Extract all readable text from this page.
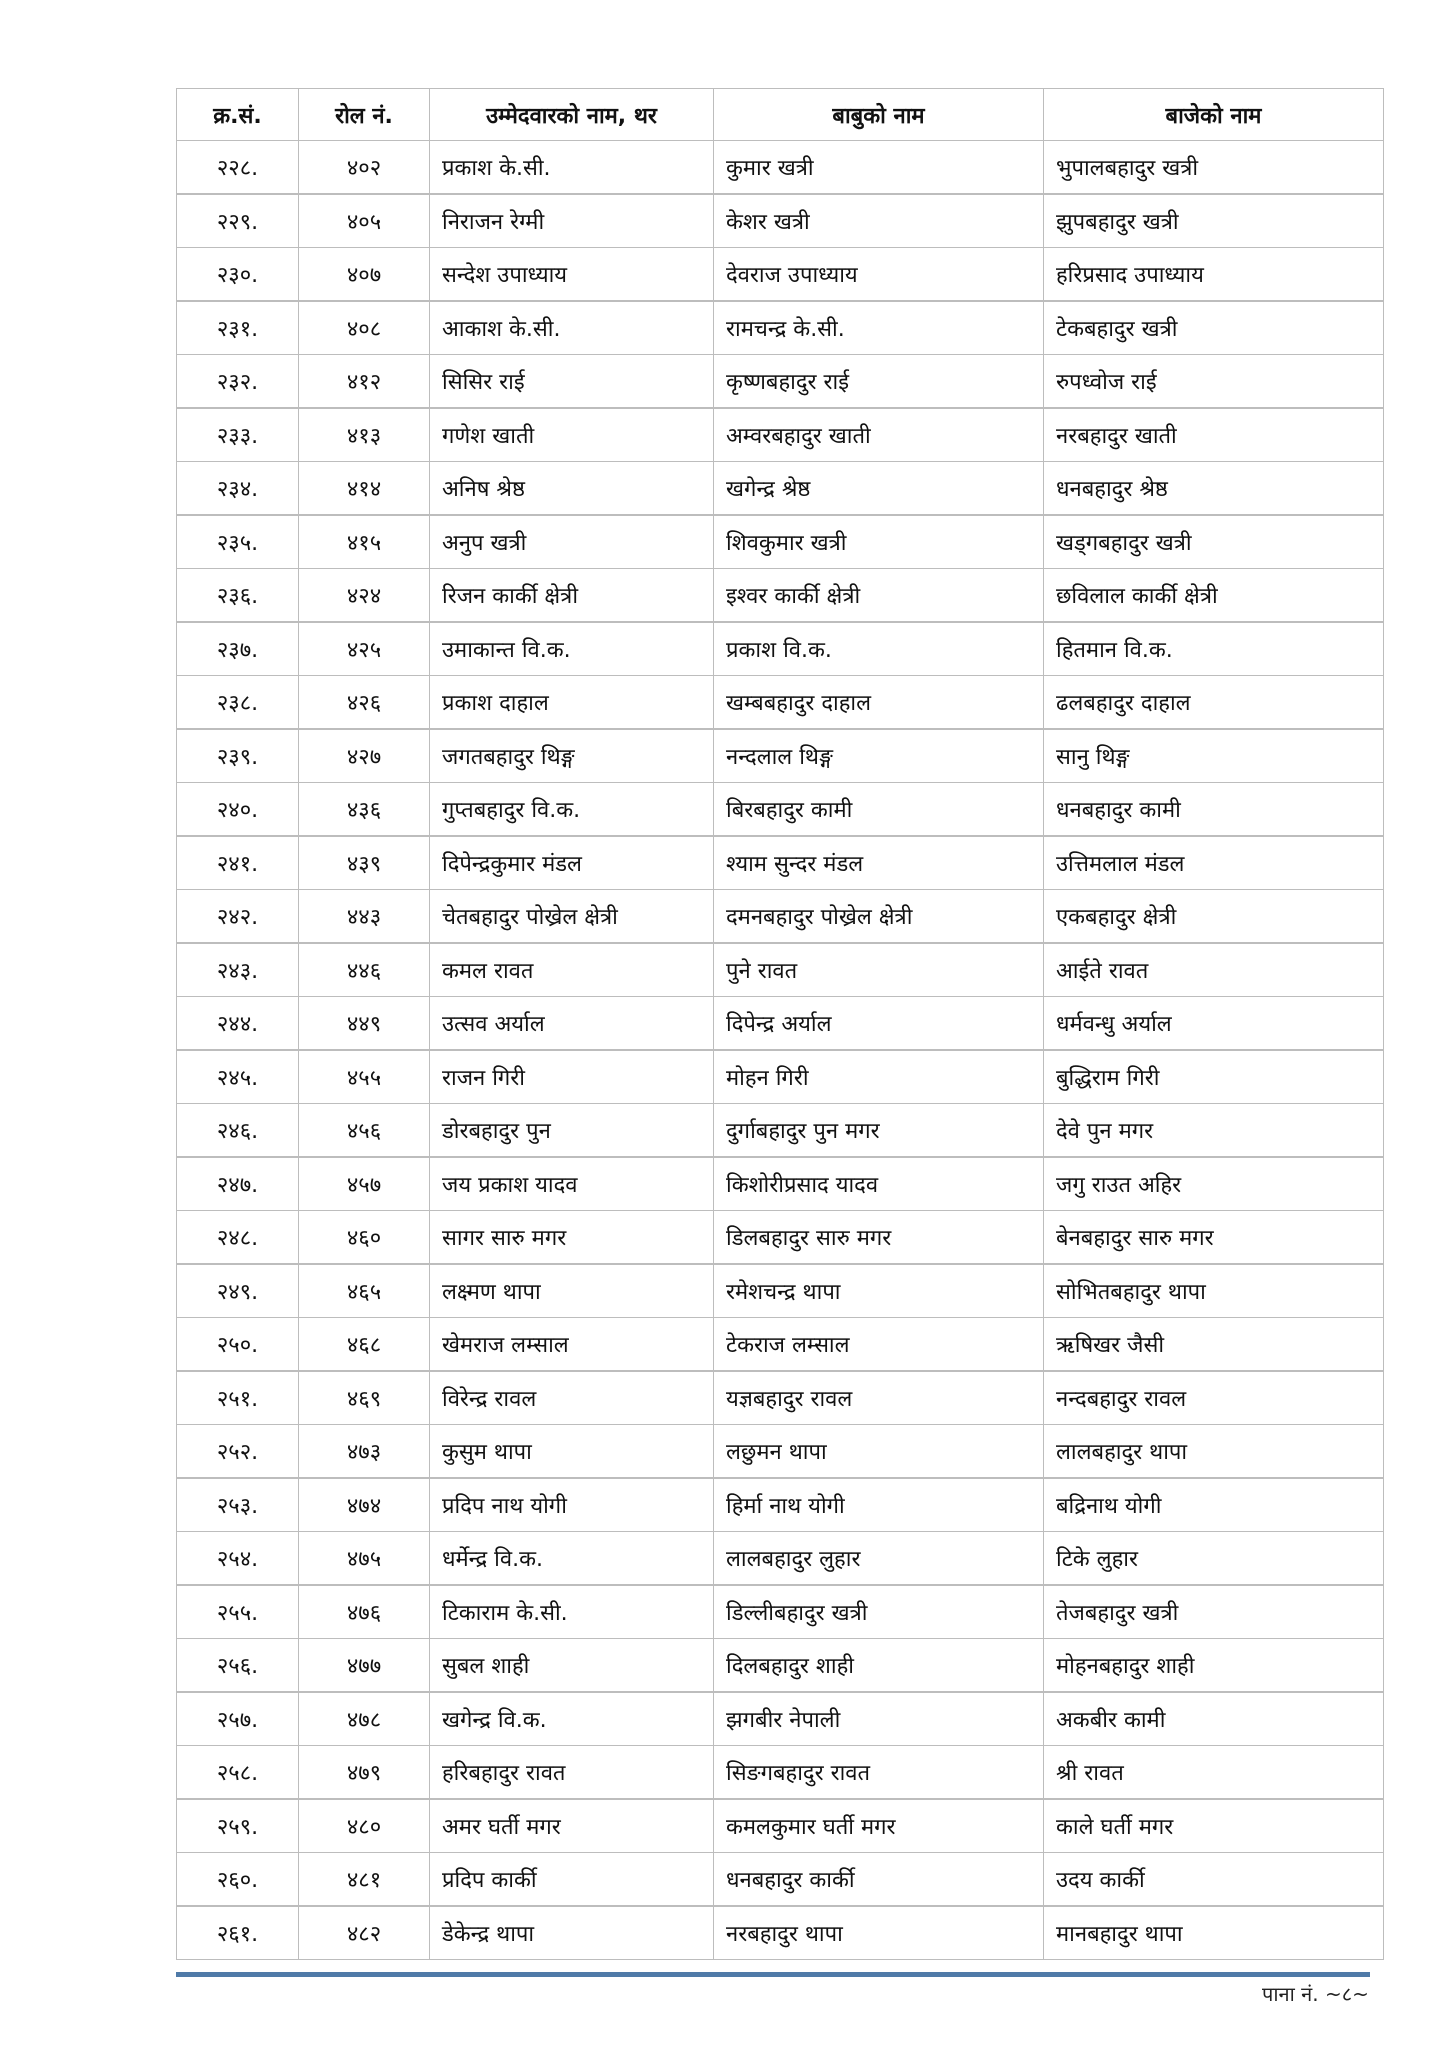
क्र.सं.	रोल नं.	उम्मेदवारको नाम, थर	बाबुको नाम	बाजेको नाम
२२८.	४०२	प्रकाश के.सी.	कुमार खत्री	भुपालबहादुर खत्री
२२९.	४०५	निराजन रेग्मी	केशर खत्री	झुपबहादुर खत्री
२३०.	४०७	सन्देश उपाध्याय	देवराज उपाध्याय	हरिप्रसाद उपाध्याय
२३१.	४०८	आकाश के.सी.	रामचन्द्र के.सी.	टेकबहादुर खत्री
२३२.	४१२	सिसिर राई	कृष्णबहादुर राई	रुपध्वोज राई
२३३.	४१३	गणेश खाती	अम्वरबहादुर खाती	नरबहादुर खाती
२३४.	४१४	अनिष श्रेष्ठ	खगेन्द्र श्रेष्ठ	धनबहादुर श्रेष्ठ
२३५.	४१५	अनुप खत्री	शिवकुमार खत्री	खड्गबहादुर खत्री
२३६.	४२४	रिजन कार्की क्षेत्री	इश्वर कार्की क्षेत्री	छविलाल कार्की क्षेत्री
२३७.	४२५	उमाकान्त वि.क.	प्रकाश वि.क.	हितमान वि.क.
२३८.	४२६	प्रकाश दाहाल	खम्बबहादुर दाहाल	ढलबहादुर दाहाल
२३९.	४२७	जगतबहादुर थिङ्ग	नन्दलाल थिङ्ग	सानु थिङ्ग
२४०.	४३६	गुप्तबहादुर वि.क.	बिरबहादुर कामी	धनबहादुर कामी
२४१.	४३९	दिपेन्द्रकुमार मंडल	श्याम सुन्दर मंडल	उत्तिमलाल मंडल
२४२.	४४३	चेतबहादुर पोख्रेल क्षेत्री	दमनबहादुर पोख्रेल क्षेत्री	एकबहादुर क्षेत्री
२४३.	४४६	कमल रावत	पुने रावत	आईते रावत
२४४.	४४९	उत्सव अर्याल	दिपेन्द्र अर्याल	धर्मवन्धु अर्याल
२४५.	४५५	राजन गिरी	मोहन गिरी	बुद्धिराम गिरी
२४६.	४५६	डोरबहादुर पुन	दुर्गाबहादुर पुन मगर	देवे पुन मगर
२४७.	४५७	जय प्रकाश यादव	किशोरीप्रसाद यादव	जगु राउत अहिर
२४८.	४६०	सागर सारु मगर	डिलबहादुर सारु मगर	बेनबहादुर सारु मगर
२४९.	४६५	लक्ष्मण थापा	रमेशचन्द्र थापा	सोभितबहादुर थापा
२५०.	४६८	खेमराज लम्साल	टेकराज लम्साल	ऋषिखर जैसी
२५१.	४६९	विरेन्द्र रावल	यज्ञबहादुर रावल	नन्दबहादुर रावल
२५२.	४७३	कुसुम थापा	लछुमन थापा	लालबहादुर थापा
२५३.	४७४	प्रदिप नाथ योगी	हिर्मा नाथ योगी	बद्रिनाथ योगी
२५४.	४७५	धर्मेन्द्र वि.क.	लालबहादुर लुहार	टिके लुहार
२५५.	४७६	टिकाराम के.सी.	डिल्लीबहादुर खत्री	तेजबहादुर खत्री
२५६.	४७७	सुबल शाही	दिलबहादुर शाही	मोहनबहादुर शाही
२५७.	४७८	खगेन्द्र वि.क.	झगबीर नेपाली	अकबीर कामी
२५८.	४७९	हरिबहादुर रावत	सिङगबहादुर रावत	श्री रावत
२५९.	४८०	अमर घर्ती मगर	कमलकुमार घर्ती मगर	काले घर्ती मगर
२६०.	४८१	प्रदिप कार्की	धनबहादुर कार्की	उदय कार्की
२६१.	४८२	डेकेन्द्र थापा	नरबहादुर थापा	मानबहादुर थापा
पाना नं. ~८~
